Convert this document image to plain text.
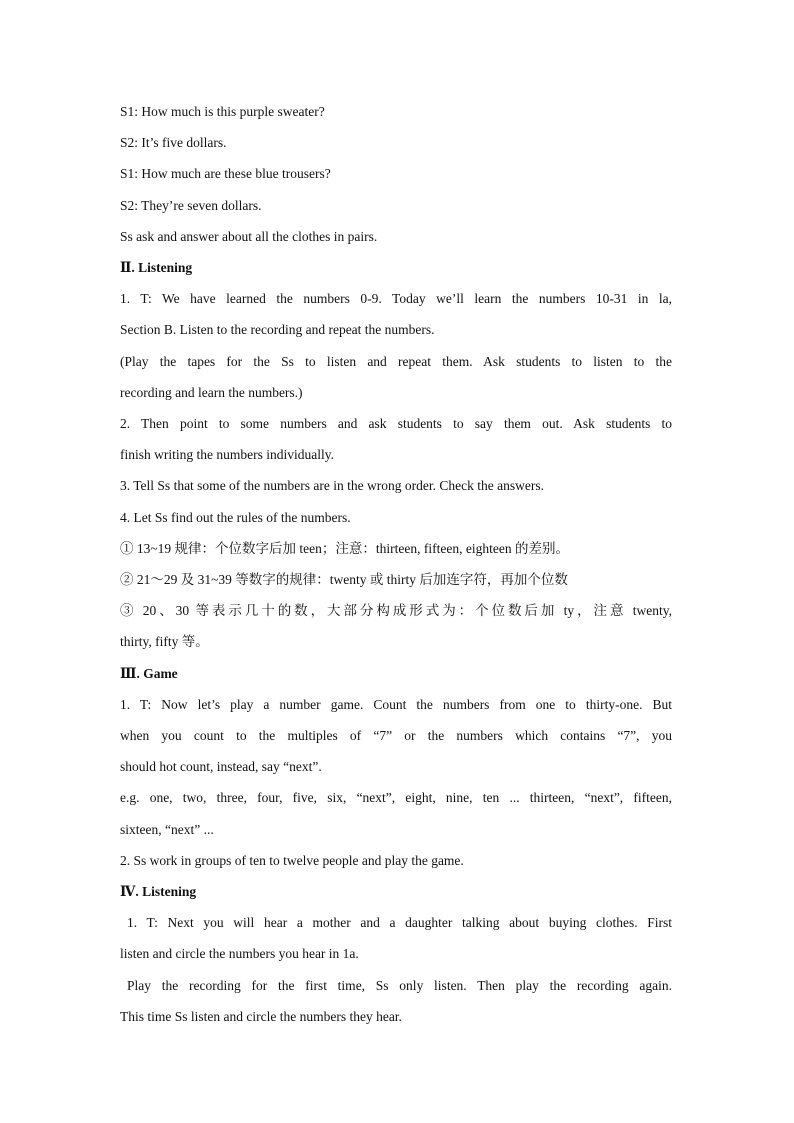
S1: How much is this purple sweater?
S2: It’s five dollars.
S1: How much are these blue trousers?
S2: They’re seven dollars.
Ss ask and answer about all the clothes in pairs.
Ⅱ. Listening
1. T: We have learned the numbers 0-9. Today we’ll learn the numbers 10-31 in la,
Section B. Listen to the recording and repeat the numbers.
(Play the tapes for the Ss to listen and repeat them. Ask students to listen to the
recording and learn the numbers.)
2. Then point to some numbers and ask students to say them out. Ask students to
finish writing the numbers individually.
3. Tell Ss that some of the numbers are in the wrong order. Check the answers.
4. Let Ss find out the rules of the numbers.
① 13~19 规律：个位数字后加 teen；注意：thirteen, fifteen, eighteen 的差别。
② 21～29 及 31~39 等数字的规律：twenty 或 thirty 后加连字符，再加个位数
③ 20、30 等表示几十的数，大部分构成形式为：个位数后加 ty，注意 twenty,
thirty, fifty 等。
Ⅲ. Game
1. T: Now let’s play a number game. Count the numbers from one to thirty-one. But
when you count to the multiples of “7” or the numbers which contains “7”, you
should hot count, instead, say “next”.
e.g. one, two, three, four, five, six, “next”, eight, nine, ten ... thirteen, “next”, fifteen,
sixteen, “next” ...
2. Ss work in groups of ten to twelve people and play the game.
Ⅳ. Listening
1. T: Next you will hear a mother and a daughter talking about buying clothes. First
listen and circle the numbers you hear in 1a.
Play the recording for the first time, Ss only listen. Then play the recording again.
This time Ss listen and circle the numbers they hear.
